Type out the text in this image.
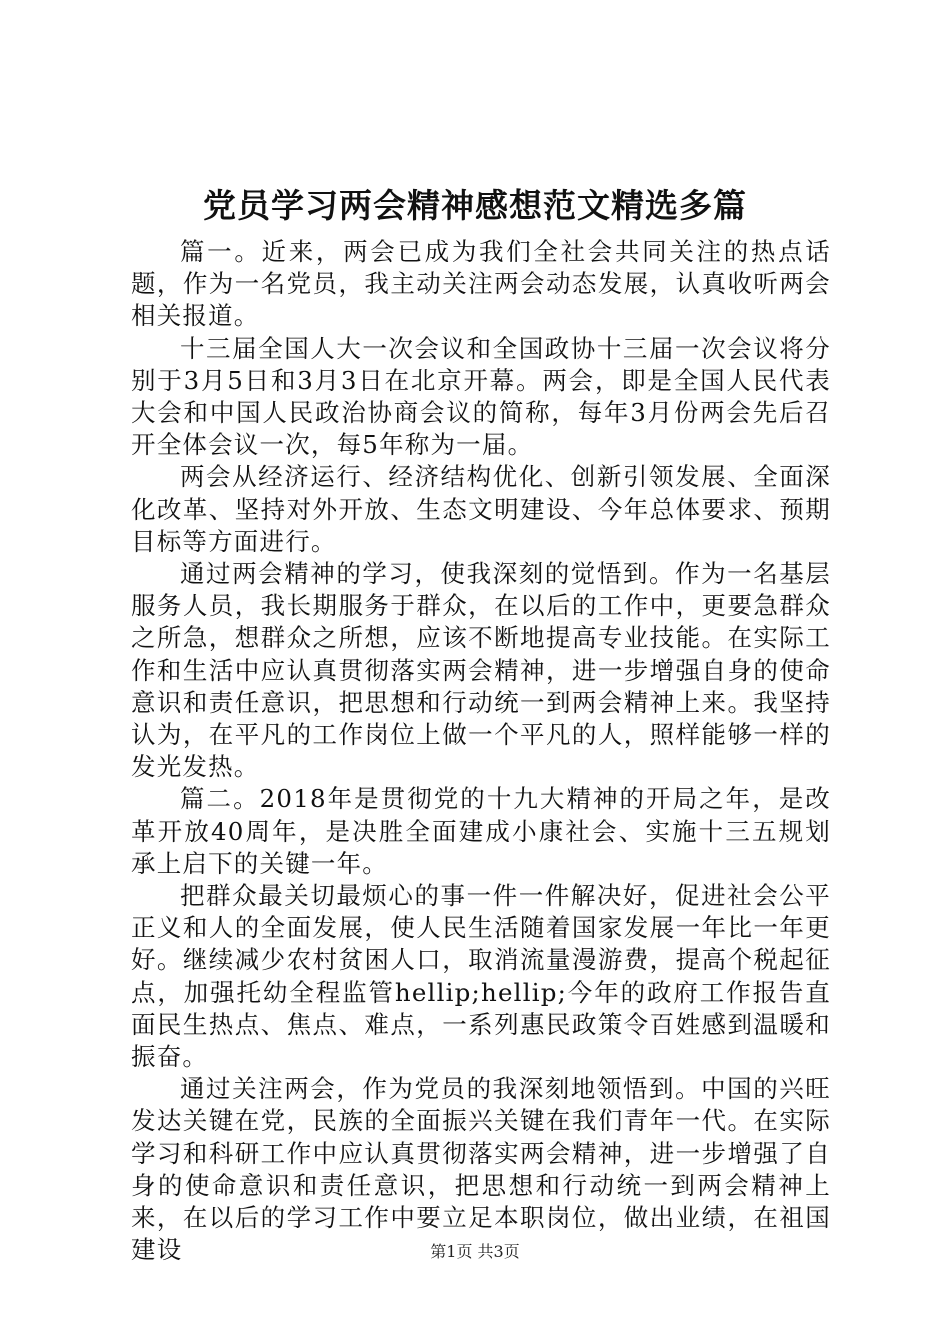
党员学习两会精神感想范文精选多篇

篇一。近来，两会已成为我们全社会共同关注的热点话题，作为一名党员，我主动关注两会动态发展，认真收听两会相关报道。

十三届全国人大一次会议和全国政协十三届一次会议将分别于3月5日和3月3日在北京开幕。两会，即是全国人民代表大会和中国人民政治协商会议的简称，每年3月份两会先后召开全体会议一次，每5年称为一届。

两会从经济运行、经济结构优化、创新引领发展、全面深化改革、坚持对外开放、生态文明建设、今年总体要求、预期目标等方面进行。

通过两会精神的学习，使我深刻的觉悟到。作为一名基层服务人员，我长期服务于群众，在以后的工作中，更要急群众之所急，想群众之所想，应该不断地提高专业技能。在实际工作和生活中应认真贯彻落实两会精神，进一步增强自身的使命意识和责任意识，把思想和行动统一到两会精神上来。我坚持认为，在平凡的工作岗位上做一个平凡的人，照样能够一样的发光发热。

篇二。2018年是贯彻党的十九大精神的开局之年，是改革开放40周年，是决胜全面建成小康社会、实施十三五规划承上启下的关键一年。

把群众最关切最烦心的事一件一件解决好，促进社会公平正义和人的全面发展，使人民生活随着国家发展一年比一年更好。继续减少农村贫困人口，取消流量漫游费，提高个税起征点，加强托幼全程监管hellip;hellip;今年的政府工作报告直面民生热点、焦点、难点，一系列惠民政策令百姓感到温暖和振奋。

通过关注两会，作为党员的我深刻地领悟到。中国的兴旺发达关键在党，民族的全面振兴关键在我们青年一代。在实际学习和科研工作中应认真贯彻落实两会精神，进一步增强了自身的使命意识和责任意识，把思想和行动统一到两会精神上来，在以后的学习工作中要立足本职岗位，做出业绩，在祖国建设	第1页 共3页
